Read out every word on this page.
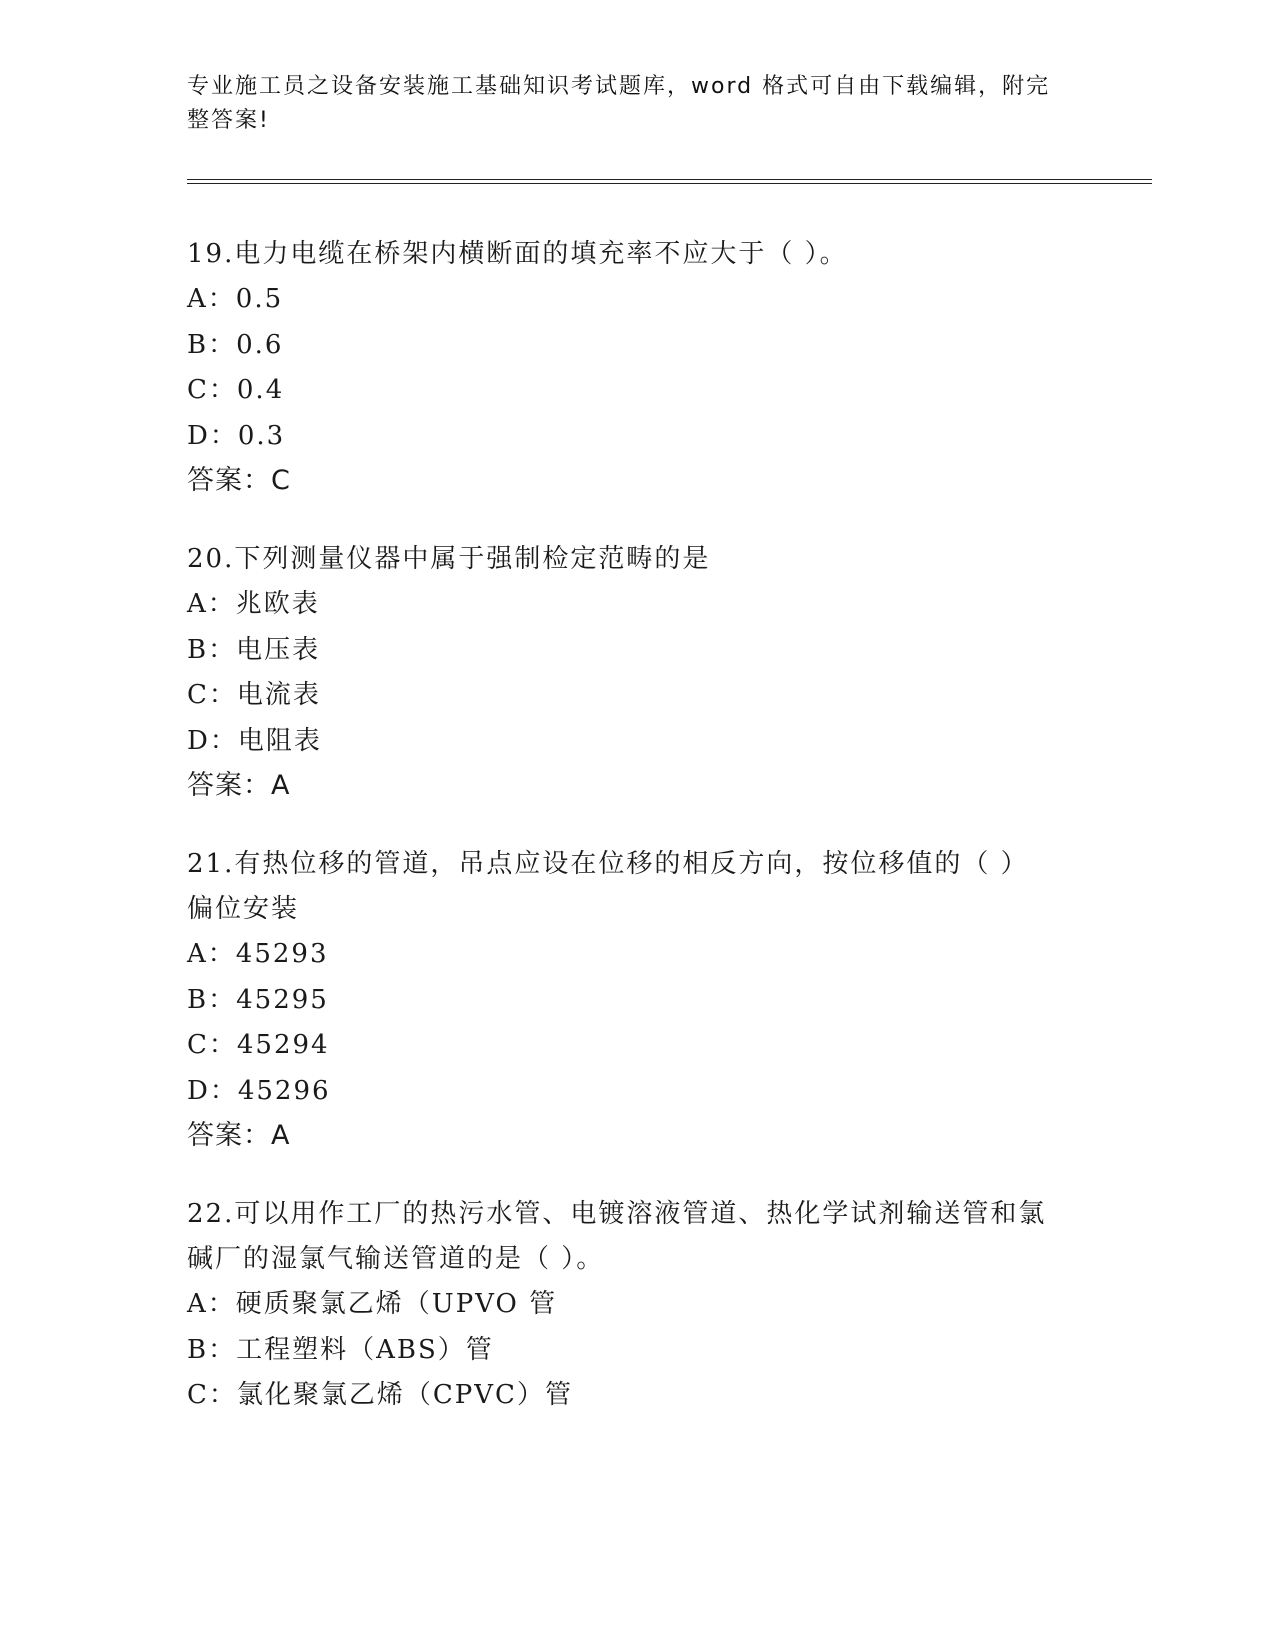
专业施工员之设备安装施工基础知识考试题库，word 格式可自由下载编辑，附完
整答案!
19.电力电缆在桥架内横断面的填充率不应大于（ ）。
A：0.5
B：0.6
C：0.4
D：0.3
答案：C
20.下列测量仪器中属于强制检定范畴的是
A：兆欧表
B：电压表
C：电流表
D：电阻表
答案：A
21.有热位移的管道，吊点应设在位移的相反方向，按位移值的（ ）
偏位安装
A：45293
B：45295
C：45294
D：45296
答案：A
22.可以用作工厂的热污水管、电镀溶液管道、热化学试剂输送管和氯
碱厂的湿氯气输送管道的是（ ）。
A：硬质聚氯乙烯（UPVO 管
B：工程塑料（ABS）管
C：氯化聚氯乙烯（CPVC）管
